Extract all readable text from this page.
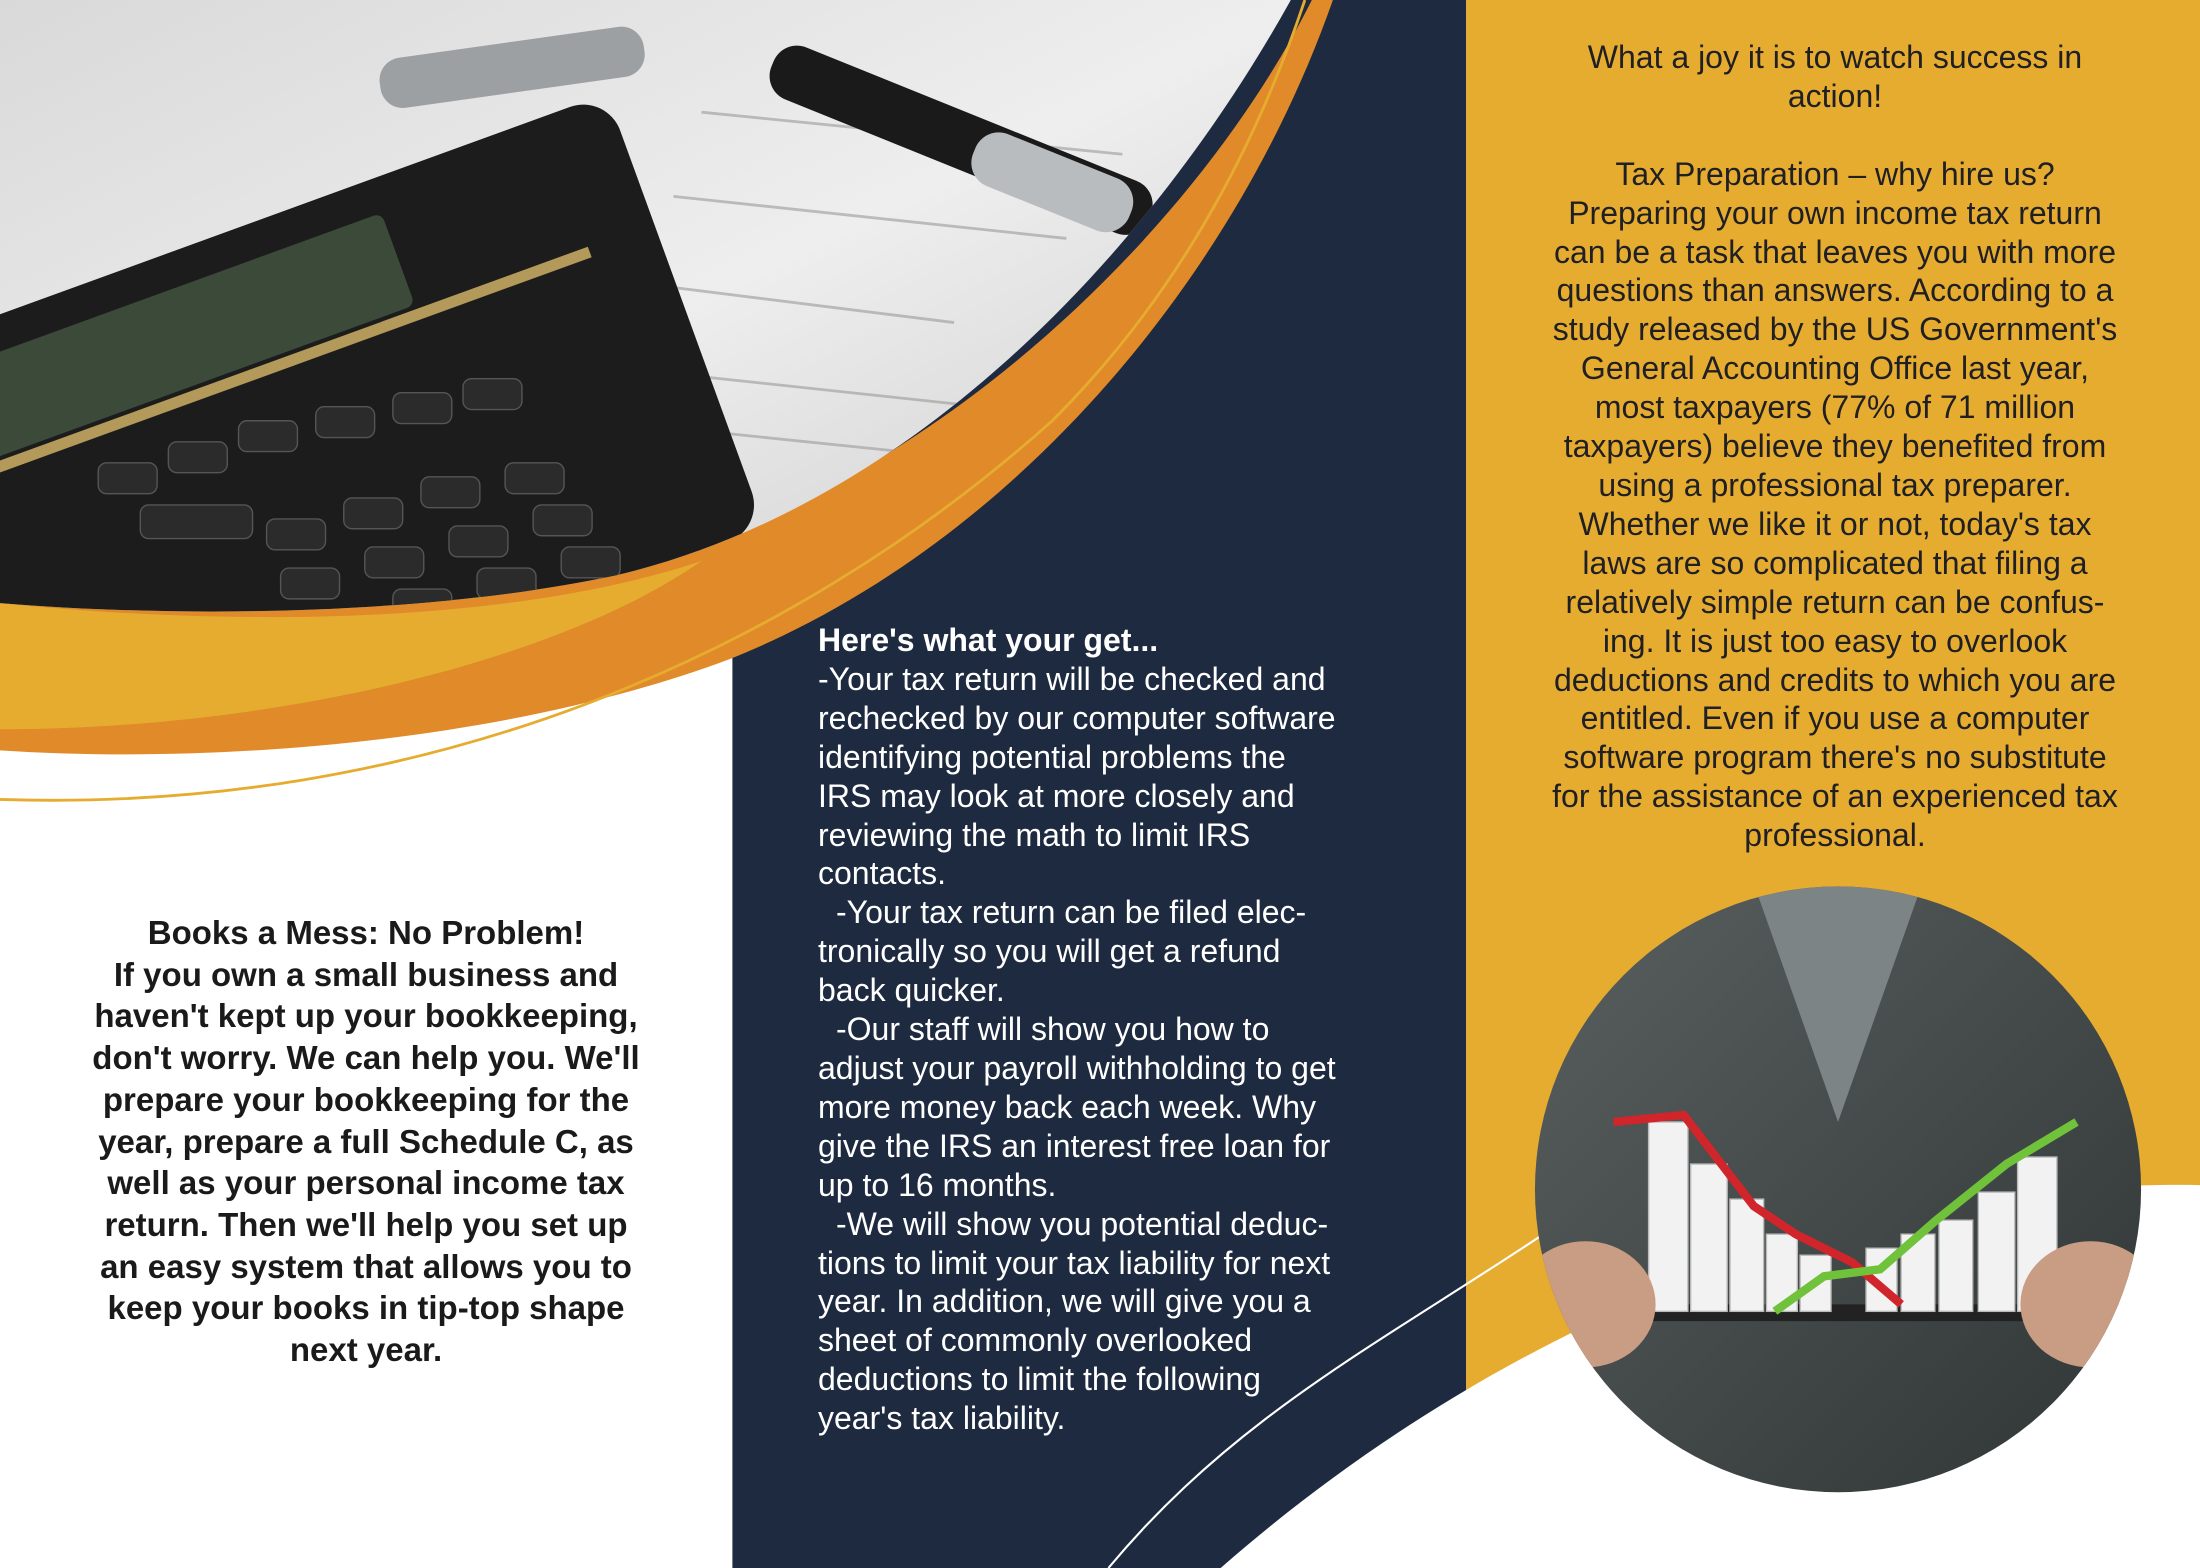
Books a Mess: No Problem!
If you own a small business and
haven't kept up your bookkeeping,
don't worry. We can help you. We'll
prepare your bookkeeping for the
year, prepare a full Schedule C, as
well as your personal income tax
return. Then we'll help you set up
an easy system that allows you to
keep your books in tip-top shape
next year.
Here's what your get...
-Your tax return will be checked and
rechecked by our computer software
identifying potential problems the
IRS may look at more closely and
reviewing the math to limit IRS
contacts.
-Your tax return can be filed elec-
tronically so you will get a refund
back quicker.
-Our staff will show you how to
adjust your payroll withholding to get
more money back each week. Why
give the IRS an interest free loan for
up to 16 months.
-We will show you potential deduc-
tions to limit your tax liability for next
year. In addition, we will give you a
sheet of commonly overlooked
deductions to limit the following
year's tax liability.
What a joy it is to watch success in
action!

Tax Preparation – why hire us?
Preparing your own income tax return
can be a task that leaves you with more
questions than answers. According to a
study released by the US Government's
General Accounting Office last year,
most taxpayers (77% of 71 million
taxpayers) believe they benefited from
using a professional tax preparer.
Whether we like it or not, today's tax
laws are so complicated that filing a
relatively simple return can be confus-
ing. It is just too easy to overlook
deductions and credits to which you are
entitled. Even if you use a computer
software program there's no substitute
for the assistance of an experienced tax
professional.
